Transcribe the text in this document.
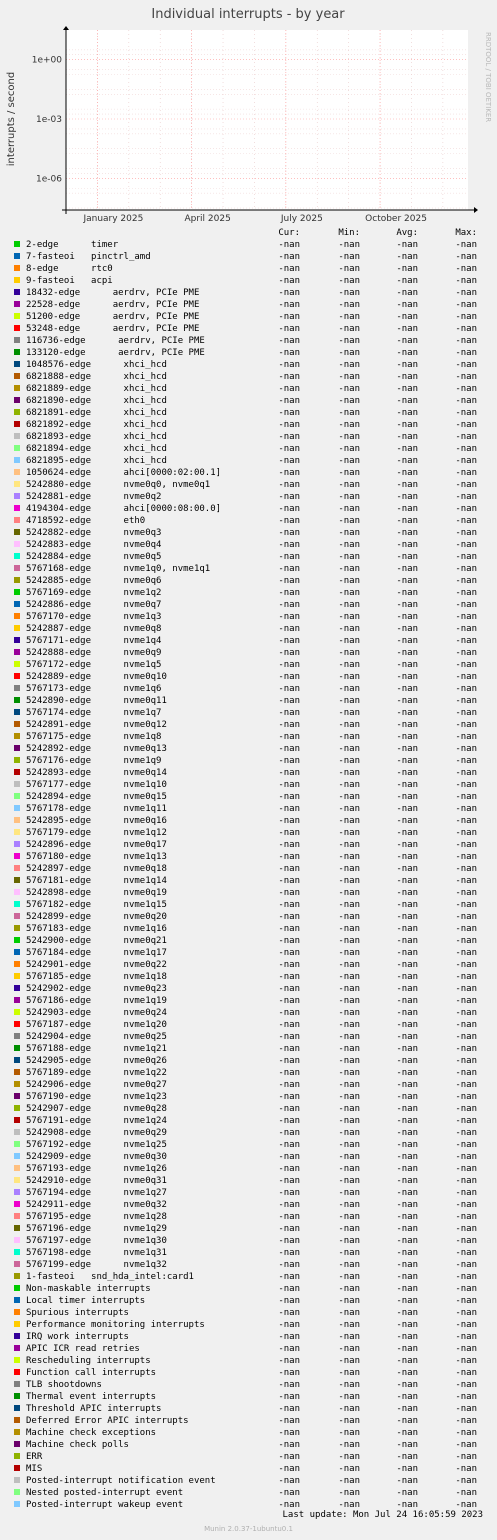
Individual interrupts - by year
interrupts / second	RRDTOOL / TOBI OETIKER
1e+00
1e-03
1e-06
January 2025	April 2025	July 2025	October 2025
Cur:	Min:	Avg:	Max:
2-edge      timer	-nan	-nan	-nan	-nan
7-fasteoi   pinctrl_amd	-nan	-nan	-nan	-nan
8-edge      rtc0	-nan	-nan	-nan	-nan
9-fasteoi   acpi	-nan	-nan	-nan	-nan
18432-edge      aerdrv, PCIe PME	-nan	-nan	-nan	-nan
22528-edge      aerdrv, PCIe PME	-nan	-nan	-nan	-nan
51200-edge      aerdrv, PCIe PME	-nan	-nan	-nan	-nan
53248-edge      aerdrv, PCIe PME	-nan	-nan	-nan	-nan
116736-edge      aerdrv, PCIe PME	-nan	-nan	-nan	-nan
133120-edge      aerdrv, PCIe PME	-nan	-nan	-nan	-nan
1048576-edge      xhci_hcd	-nan	-nan	-nan	-nan
6821888-edge      xhci_hcd	-nan	-nan	-nan	-nan
6821889-edge      xhci_hcd	-nan	-nan	-nan	-nan
6821890-edge      xhci_hcd	-nan	-nan	-nan	-nan
6821891-edge      xhci_hcd	-nan	-nan	-nan	-nan
6821892-edge      xhci_hcd	-nan	-nan	-nan	-nan
6821893-edge      xhci_hcd	-nan	-nan	-nan	-nan
6821894-edge      xhci_hcd	-nan	-nan	-nan	-nan
6821895-edge      xhci_hcd	-nan	-nan	-nan	-nan
1050624-edge      ahci[0000:02:00.1]	-nan	-nan	-nan	-nan
5242880-edge      nvme0q0, nvme0q1	-nan	-nan	-nan	-nan
5242881-edge      nvme0q2	-nan	-nan	-nan	-nan
4194304-edge      ahci[0000:08:00.0]	-nan	-nan	-nan	-nan
4718592-edge      eth0	-nan	-nan	-nan	-nan
5242882-edge      nvme0q3	-nan	-nan	-nan	-nan
5242883-edge      nvme0q4	-nan	-nan	-nan	-nan
5242884-edge      nvme0q5	-nan	-nan	-nan	-nan
5767168-edge      nvme1q0, nvme1q1	-nan	-nan	-nan	-nan
5242885-edge      nvme0q6	-nan	-nan	-nan	-nan
5767169-edge      nvme1q2	-nan	-nan	-nan	-nan
5242886-edge      nvme0q7	-nan	-nan	-nan	-nan
5767170-edge      nvme1q3	-nan	-nan	-nan	-nan
5242887-edge      nvme0q8	-nan	-nan	-nan	-nan
5767171-edge      nvme1q4	-nan	-nan	-nan	-nan
5242888-edge      nvme0q9	-nan	-nan	-nan	-nan
5767172-edge      nvme1q5	-nan	-nan	-nan	-nan
5242889-edge      nvme0q10	-nan	-nan	-nan	-nan
5767173-edge      nvme1q6	-nan	-nan	-nan	-nan
5242890-edge      nvme0q11	-nan	-nan	-nan	-nan
5767174-edge      nvme1q7	-nan	-nan	-nan	-nan
5242891-edge      nvme0q12	-nan	-nan	-nan	-nan
5767175-edge      nvme1q8	-nan	-nan	-nan	-nan
5242892-edge      nvme0q13	-nan	-nan	-nan	-nan
5767176-edge      nvme1q9	-nan	-nan	-nan	-nan
5242893-edge      nvme0q14	-nan	-nan	-nan	-nan
5767177-edge      nvme1q10	-nan	-nan	-nan	-nan
5242894-edge      nvme0q15	-nan	-nan	-nan	-nan
5767178-edge      nvme1q11	-nan	-nan	-nan	-nan
5242895-edge      nvme0q16	-nan	-nan	-nan	-nan
5767179-edge      nvme1q12	-nan	-nan	-nan	-nan
5242896-edge      nvme0q17	-nan	-nan	-nan	-nan
5767180-edge      nvme1q13	-nan	-nan	-nan	-nan
5242897-edge      nvme0q18	-nan	-nan	-nan	-nan
5767181-edge      nvme1q14	-nan	-nan	-nan	-nan
5242898-edge      nvme0q19	-nan	-nan	-nan	-nan
5767182-edge      nvme1q15	-nan	-nan	-nan	-nan
5242899-edge      nvme0q20	-nan	-nan	-nan	-nan
5767183-edge      nvme1q16	-nan	-nan	-nan	-nan
5242900-edge      nvme0q21	-nan	-nan	-nan	-nan
5767184-edge      nvme1q17	-nan	-nan	-nan	-nan
5242901-edge      nvme0q22	-nan	-nan	-nan	-nan
5767185-edge      nvme1q18	-nan	-nan	-nan	-nan
5242902-edge      nvme0q23	-nan	-nan	-nan	-nan
5767186-edge      nvme1q19	-nan	-nan	-nan	-nan
5242903-edge      nvme0q24	-nan	-nan	-nan	-nan
5767187-edge      nvme1q20	-nan	-nan	-nan	-nan
5242904-edge      nvme0q25	-nan	-nan	-nan	-nan
5767188-edge      nvme1q21	-nan	-nan	-nan	-nan
5242905-edge      nvme0q26	-nan	-nan	-nan	-nan
5767189-edge      nvme1q22	-nan	-nan	-nan	-nan
5242906-edge      nvme0q27	-nan	-nan	-nan	-nan
5767190-edge      nvme1q23	-nan	-nan	-nan	-nan
5242907-edge      nvme0q28	-nan	-nan	-nan	-nan
5767191-edge      nvme1q24	-nan	-nan	-nan	-nan
5242908-edge      nvme0q29	-nan	-nan	-nan	-nan
5767192-edge      nvme1q25	-nan	-nan	-nan	-nan
5242909-edge      nvme0q30	-nan	-nan	-nan	-nan
5767193-edge      nvme1q26	-nan	-nan	-nan	-nan
5242910-edge      nvme0q31	-nan	-nan	-nan	-nan
5767194-edge      nvme1q27	-nan	-nan	-nan	-nan
5242911-edge      nvme0q32	-nan	-nan	-nan	-nan
5767195-edge      nvme1q28	-nan	-nan	-nan	-nan
5767196-edge      nvme1q29	-nan	-nan	-nan	-nan
5767197-edge      nvme1q30	-nan	-nan	-nan	-nan
5767198-edge      nvme1q31	-nan	-nan	-nan	-nan
5767199-edge      nvme1q32	-nan	-nan	-nan	-nan
1-fasteoi   snd_hda_intel:card1	-nan	-nan	-nan	-nan
Non-maskable interrupts	-nan	-nan	-nan	-nan
Local timer interrupts	-nan	-nan	-nan	-nan
Spurious interrupts	-nan	-nan	-nan	-nan
Performance monitoring interrupts	-nan	-nan	-nan	-nan
IRQ work interrupts	-nan	-nan	-nan	-nan
APIC ICR read retries	-nan	-nan	-nan	-nan
Rescheduling interrupts	-nan	-nan	-nan	-nan
Function call interrupts	-nan	-nan	-nan	-nan
TLB shootdowns	-nan	-nan	-nan	-nan
Thermal event interrupts	-nan	-nan	-nan	-nan
Threshold APIC interrupts	-nan	-nan	-nan	-nan
Deferred Error APIC interrupts	-nan	-nan	-nan	-nan
Machine check exceptions	-nan	-nan	-nan	-nan
Machine check polls	-nan	-nan	-nan	-nan
ERR	-nan	-nan	-nan	-nan
MIS	-nan	-nan	-nan	-nan
Posted-interrupt notification event	-nan	-nan	-nan	-nan
Nested posted-interrupt event	-nan	-nan	-nan	-nan
Posted-interrupt wakeup event	-nan	-nan	-nan	-nan
Last update: Mon Jul 24 16:05:59 2023
Munin 2.0.37-1ubuntu0.1
